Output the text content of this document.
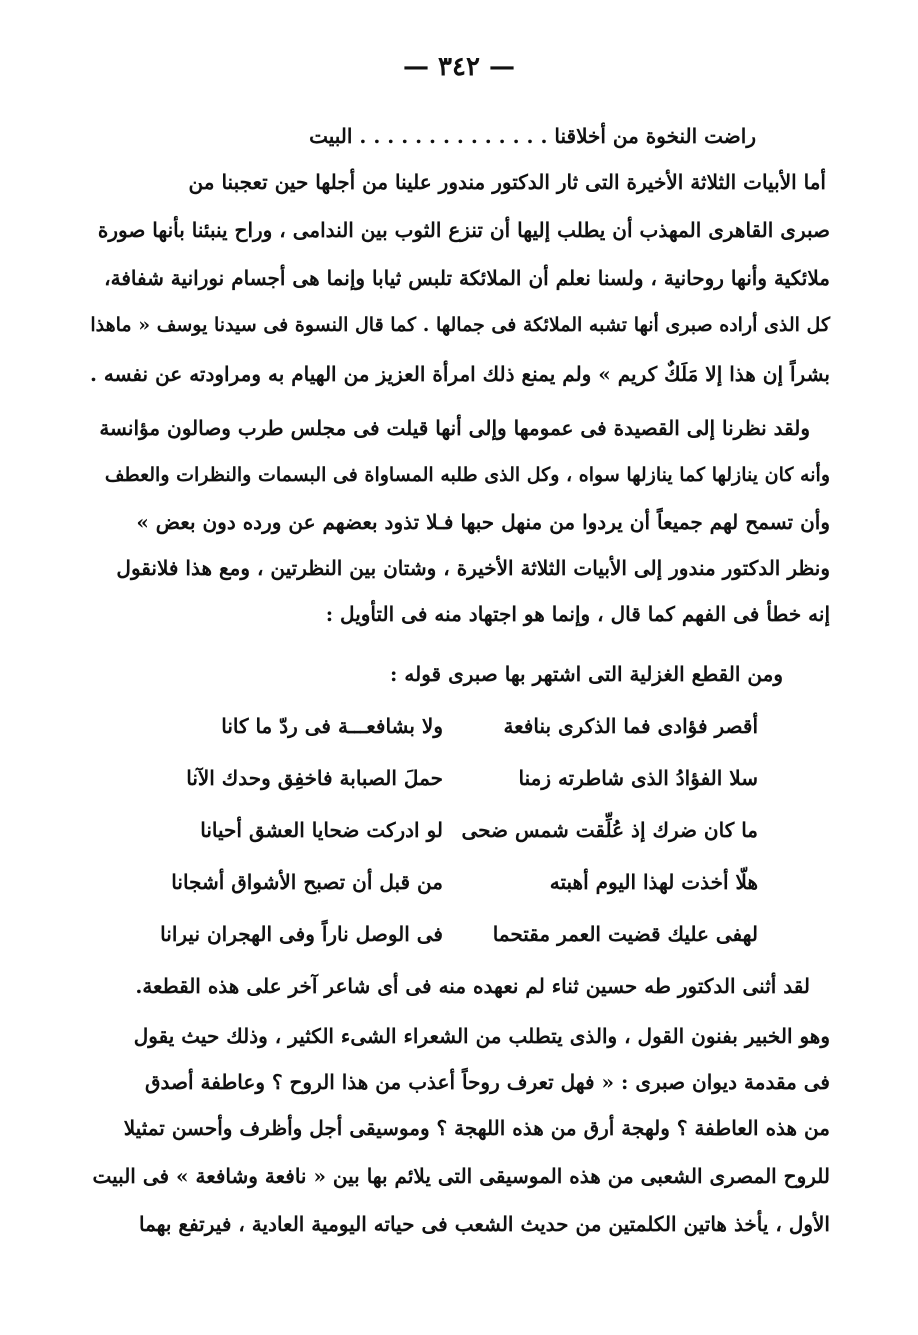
— ٣٤٢ —
راضت النخوة من أخلاقنا . . . . . . . . . . . . . . البيت
أما الأبيات الثلاثة الأخيرة التى ثار الدكتور مندور علينا من أجلها حين تعجبنا من
صبرى القاهرى المهذب أن يطلب إليها أن تنزع الثوب بين الندامى ، وراح ينبئنا بأنها صورة
ملائكية وأنها روحانية ، ولسنا نعلم أن الملائكة تلبس ثيابا وإنما هى أجسام نورانية شفافة،
كل الذى أراده صبرى أنها تشبه الملائكة فى جمالها . كما قال النسوة فى سيدنا يوسف « ماهذا
بشراً إن هذا إلا مَلَكٌ كريم » ولم يمنع ذلك امرأة العزيز من الهيام به ومراودته عن نفسه .
ولقد نظرنا إلى القصيدة فى عمومها وإلى أنها قيلت فى مجلس طرب وصالون مؤانسة
وأنه كان ينازلها كما ينازلها سواه ، وكل الذى طلبه المساواة فى البسمات والنظرات والعطف
وأن تسمح لهم جميعاً أن يردوا من منهل حبها فـلا تذود بعضهم عن ورده دون بعض »
ونظر الدكتور مندور إلى الأبيات الثلاثة الأخيرة ، وشتان بين النظرتين ، ومع هذا فلانقول
إنه خطأ فى الفهم كما قال ، وإنما هو اجتهاد منه فى التأويل :
ومن القطع الغزلية التى اشتهر بها صبرى قوله :
أقصر فؤادى فما الذكرى بنافعة
ولا بشافعـــة فى ردّ ما كانا
سلا الفؤادُ الذى شاطرته زمنا
حملَ الصبابة فاخفِق وحدك الآنا
ما كان ضرك إذ عُلِّقت شمس ضحى
لو ادركت ضحايا العشق أحيانا
هلّا أخذت لهذا اليوم أهبته
من قبل أن تصبح الأشواق أشجانا
لهفى عليك قضيت العمر مقتحما
فى الوصل ناراً وفى الهجران نيرانا
لقد أثنى الدكتور طه حسين ثناء لم نعهده منه فى أى شاعر آخر على هذه القطعة.
وهو الخبير بفنون القول ، والذى يتطلب من الشعراء الشىء الكثير ، وذلك حيث يقول
فى مقدمة ديوان صبرى : « فهل تعرف روحاً أعذب من هذا الروح ؟ وعاطفة أصدق
من هذه العاطفة ؟ ولهجة أرق من هذه اللهجة ؟ وموسيقى أجل وأظرف وأحسن تمثيلا
للروح المصرى الشعبى من هذه الموسيقى التى يلائم بها بين « نافعة وشافعة » فى البيت
الأول ، يأخذ هاتين الكلمتين من حديث الشعب فى حياته اليومية العادية ، فيرتفع بهما
